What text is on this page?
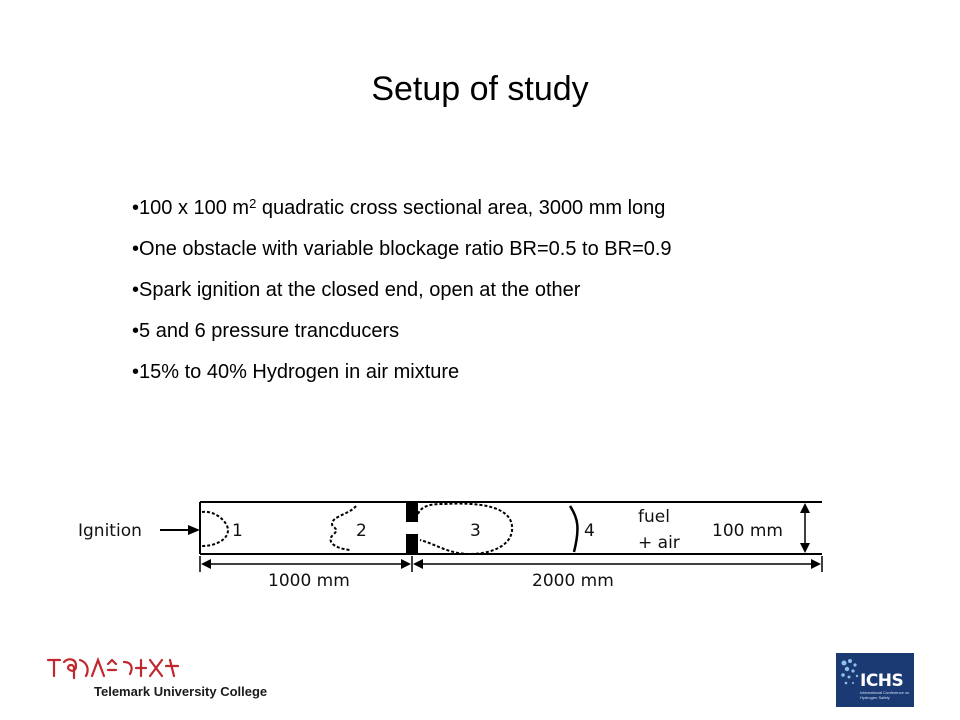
Setup of study
• 100 x 100 $m^2$ quadratic cross sectional area, 3000 mm long
• One obstacle with variable blockage ratio BR=0.5 to BR=0.9
• Spark ignition at the closed end, open at the other
• 5 and 6 pressure trancducers
• 15% to 40% Hydrogen in air mixture
Ignition	1	2	3	4
fuel
+ air
100 mm
1000 mm	2000 mm
Telemark University College
ICHS
International Conference on Hydrogen Safety
